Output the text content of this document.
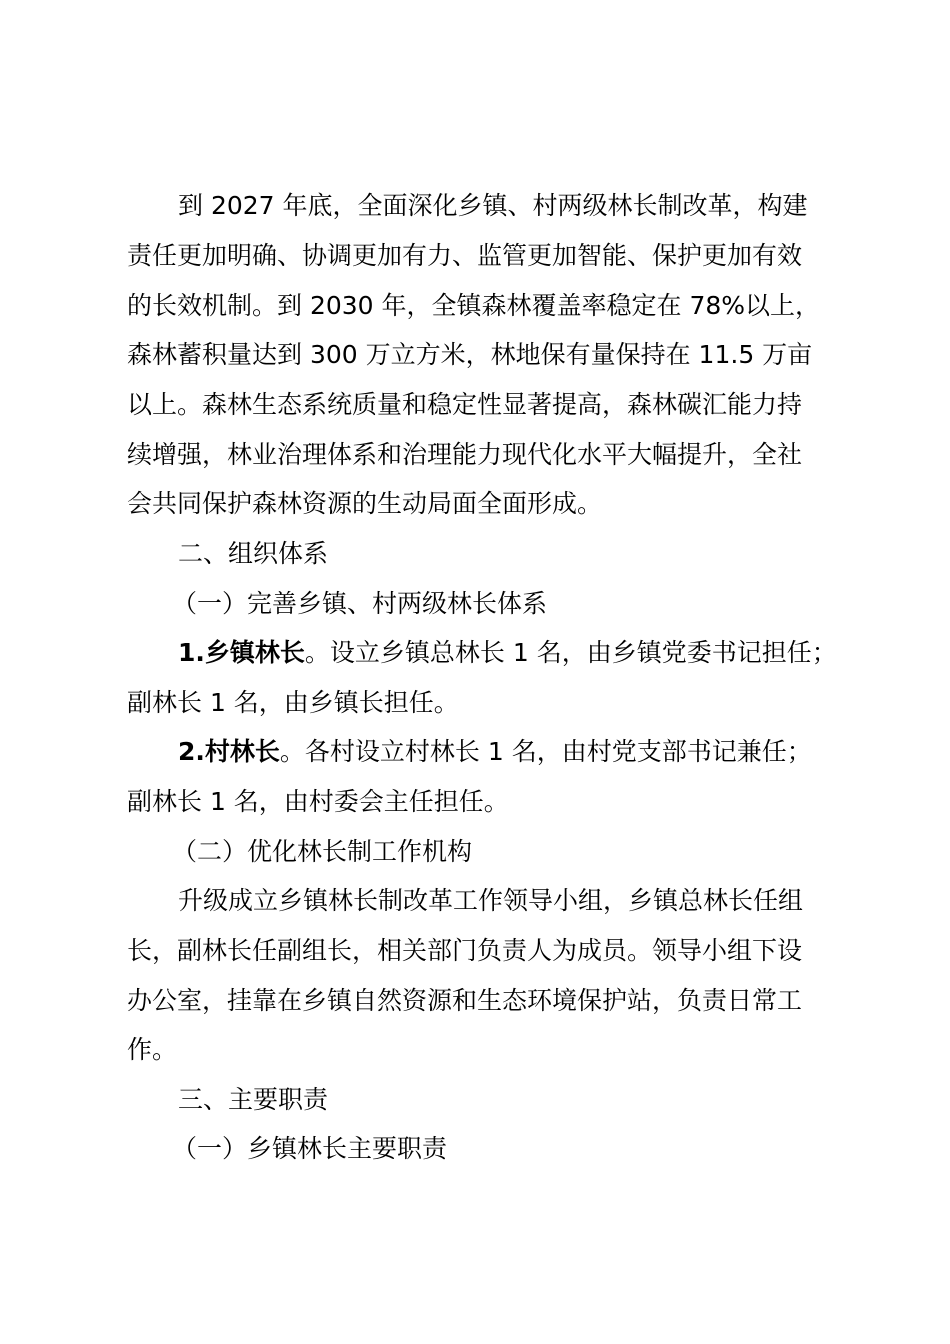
到 2027 年底，全面深化乡镇、村两级林长制改革，构建
责任更加明确、协调更加有力、监管更加智能、保护更加有效
的长效机制。到 2030 年，全镇森林覆盖率稳定在 78%以上，
森林蓄积量达到 300 万立方米，林地保有量保持在 11.5 万亩
以上。森林生态系统质量和稳定性显著提高，森林碳汇能力持
续增强，林业治理体系和治理能力现代化水平大幅提升，全社
会共同保护森林资源的生动局面全面形成。
二、组织体系
（一）完善乡镇、村两级林长体系
1.乡镇林长。设立乡镇总林长 1 名，由乡镇党委书记担任；
副林长 1 名，由乡镇长担任。
2.村林长。各村设立村林长 1 名，由村党支部书记兼任；
副林长 1 名，由村委会主任担任。
（二）优化林长制工作机构
升级成立乡镇林长制改革工作领导小组，乡镇总林长任组
长，副林长任副组长，相关部门负责人为成员。领导小组下设
办公室，挂靠在乡镇自然资源和生态环境保护站，负责日常工
作。
三、主要职责
（一）乡镇林长主要职责
